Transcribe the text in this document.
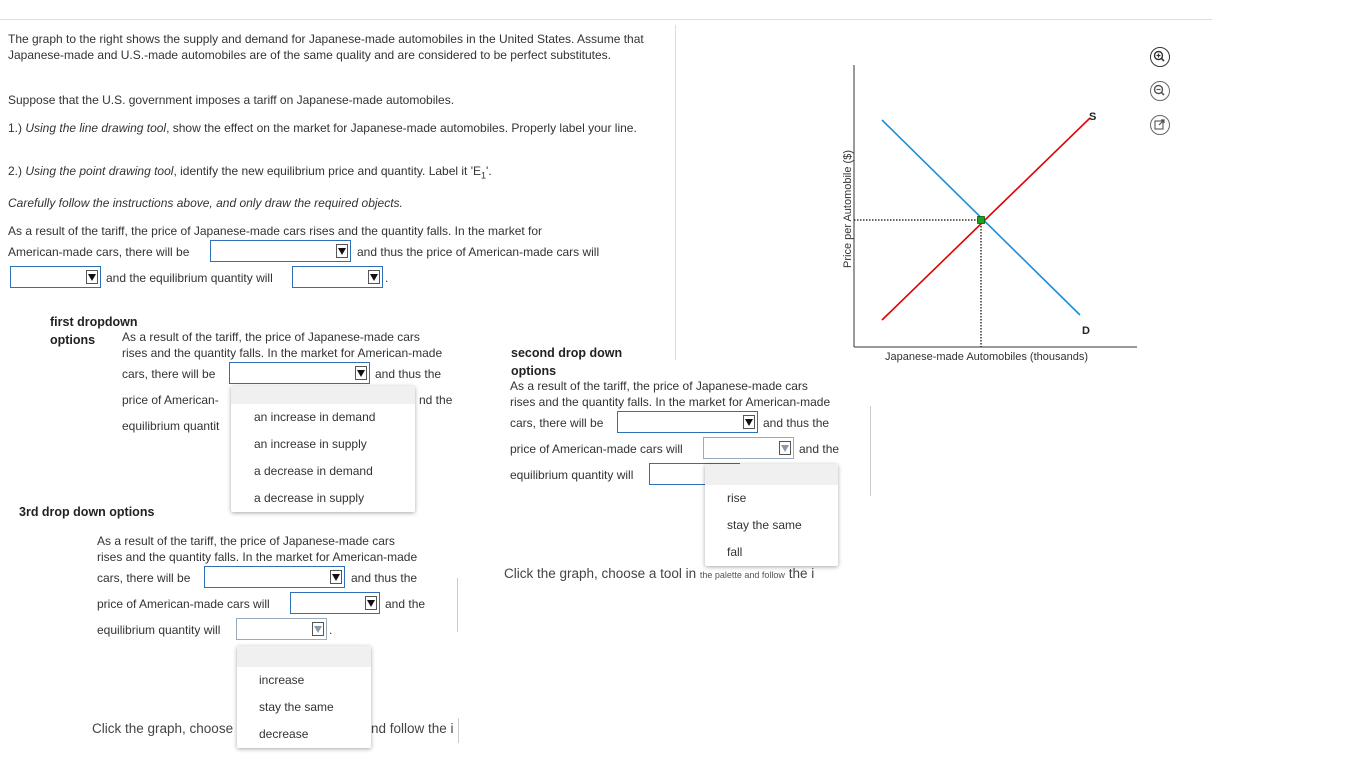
The graph to the right shows the supply and demand for Japanese-made automobiles in the United States. Assume that Japanese-made and U.S.-made automobiles are of the same quality and are considered to be perfect substitutes.
Suppose that the U.S. government imposes a tariff on Japanese-made automobiles.
1.) Using the line drawing tool, show the effect on the market for Japanese-made automobiles. Properly label your line.
2.) Using the point drawing tool, identify the new equilibrium price and quantity. Label it '$E_1$'.
Carefully follow the instructions above, and only draw the required objects.
As a result of the tariff, the price of Japanese-made cars rises and the quantity falls. In the market for
American-made cars, there will be	and thus the price of American-made cars will
and the equilibrium quantity will	.
first dropdown
options As a result of the tariff, the price of Japanese-made cars
rises and the quantity falls. In the market for American-made
cars, there will be	and thus the
price of American-	nd the
equilibrium quantit
an increase in demand
an increase in supply
a decrease in demand
a decrease in supply
second drop down
options
As a result of the tariff, the price of Japanese-made cars
rises and the quantity falls. In the market for American-made
cars, there will be	and thus the
price of American-made cars will	and the
equilibrium quantity will
rise
stay the same
fall
Click the graph, choose a tool in the palette and follow the i
3rd drop down options
As a result of the tariff, the price of Japanese-made cars
rises and the quantity falls. In the market for American-made
cars, there will be	and thus the
price of American-made cars will	and the
equilibrium quantity will	.
Click the graph, choose	nd follow the i
increase
stay the same
decrease
S
D
Japanese-made Automobiles (thousands)
Price per Automobile ($)
